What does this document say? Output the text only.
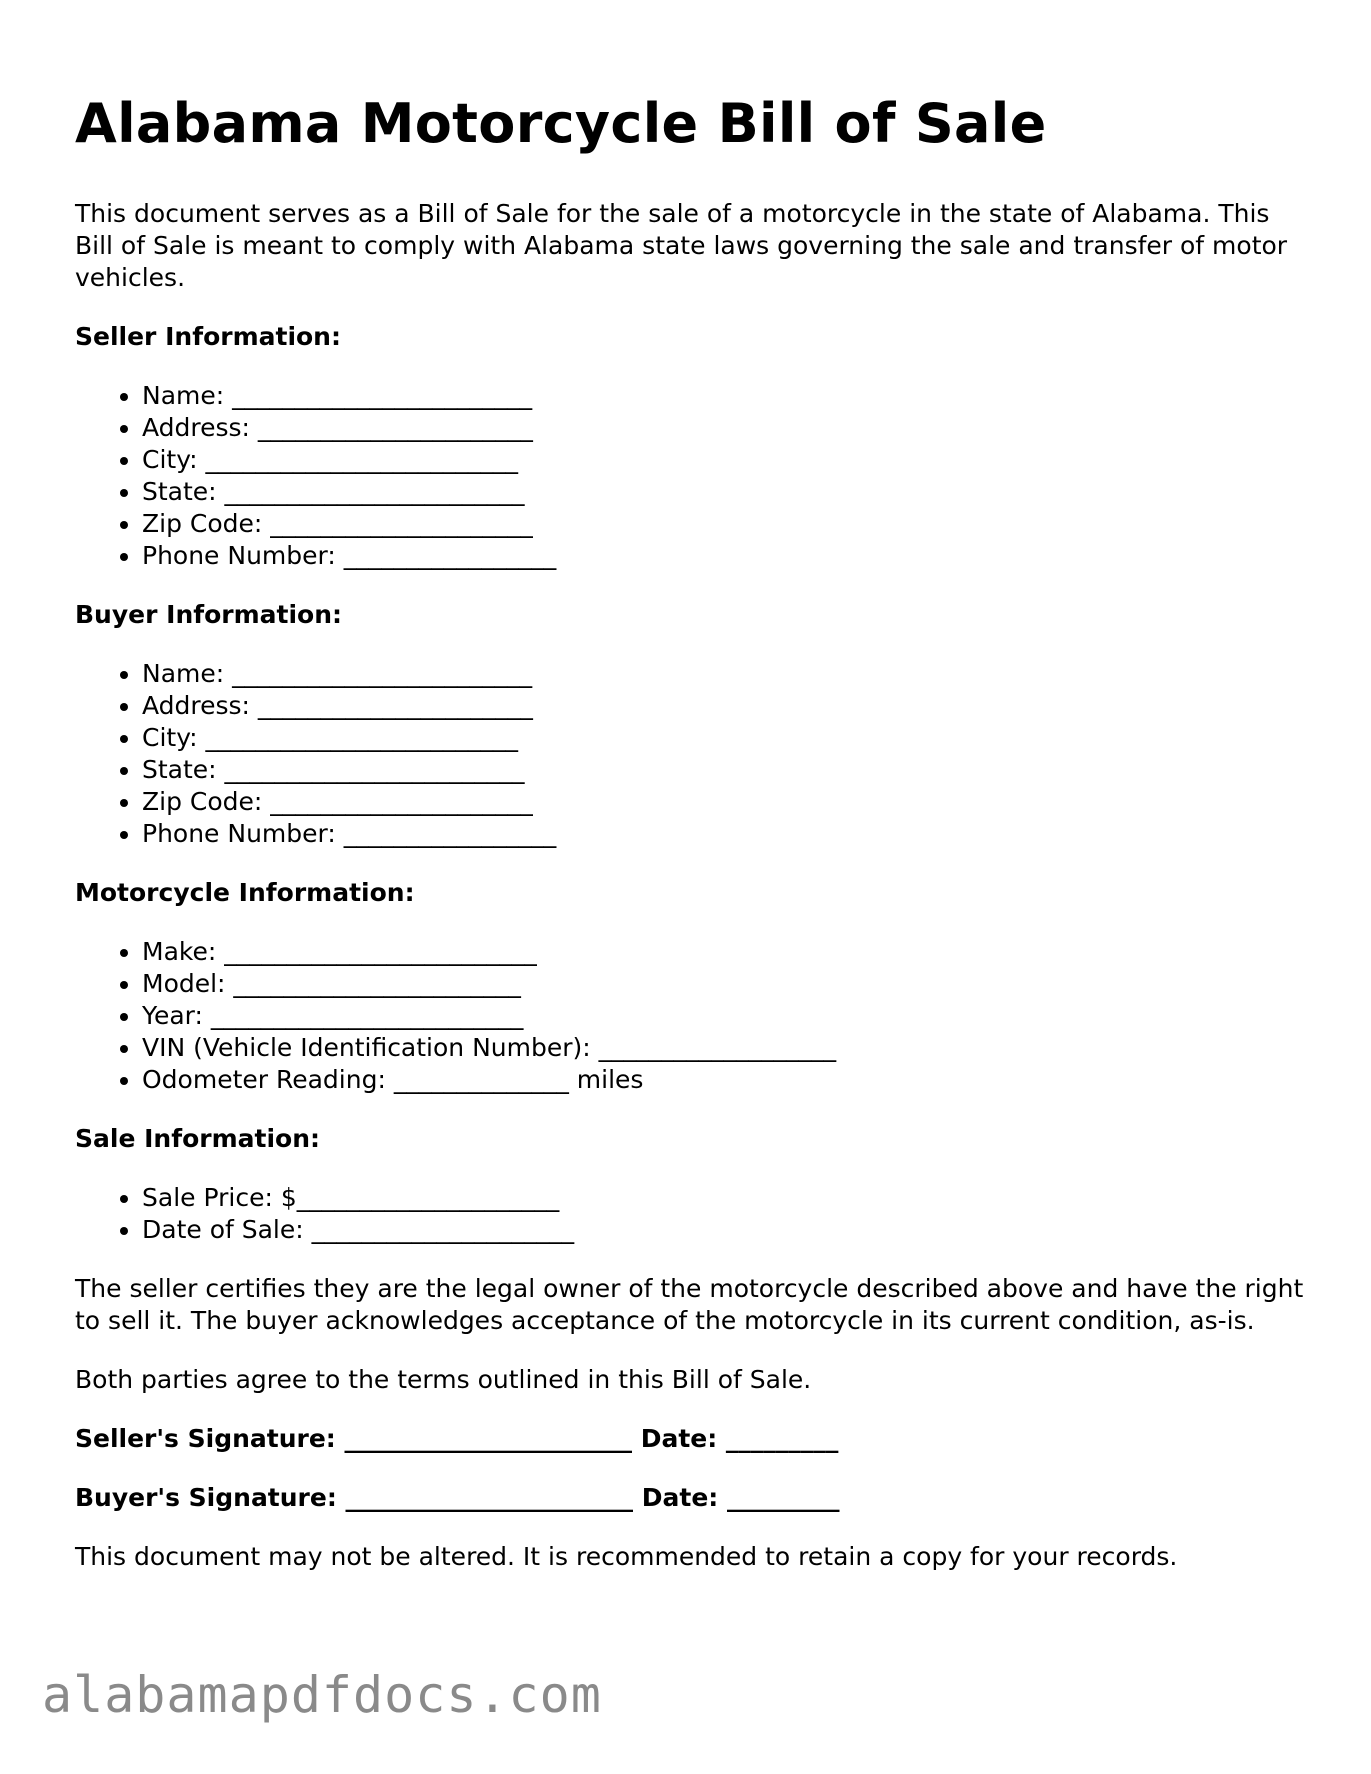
Alabama Motorcycle Bill of Sale

This document serves as a Bill of Sale for the sale of a motorcycle in the state of Alabama. This Bill of Sale is meant to comply with Alabama state laws governing the sale and transfer of motor vehicles.

Seller Information:
• Name: ________________________
• Address: ______________________
• City: _________________________
• State: ________________________
• Zip Code: _____________________
• Phone Number: _________________
Buyer Information:
• Name: ________________________
• Address: ______________________
• City: _________________________
• State: ________________________
• Zip Code: _____________________
• Phone Number: _________________
Motorcycle Information:
• Make: _________________________
• Model: _______________________
• Year: _________________________
• VIN (Vehicle Identification Number): ___________________
• Odometer Reading: ______________ miles
Sale Information:
• Sale Price: $_____________________
• Date of Sale: _____________________

The seller certifies they are the legal owner of the motorcycle described above and have the right to sell it. The buyer acknowledges acceptance of the motorcycle in its current condition, as-is.

Both parties agree to the terms outlined in this Bill of Sale.

Seller's Signature: _______________________ Date: _________

Buyer's Signature: _______________________ Date: _________

This document may not be altered. It is recommended to retain a copy for your records.

alabamapdfdocs.com
